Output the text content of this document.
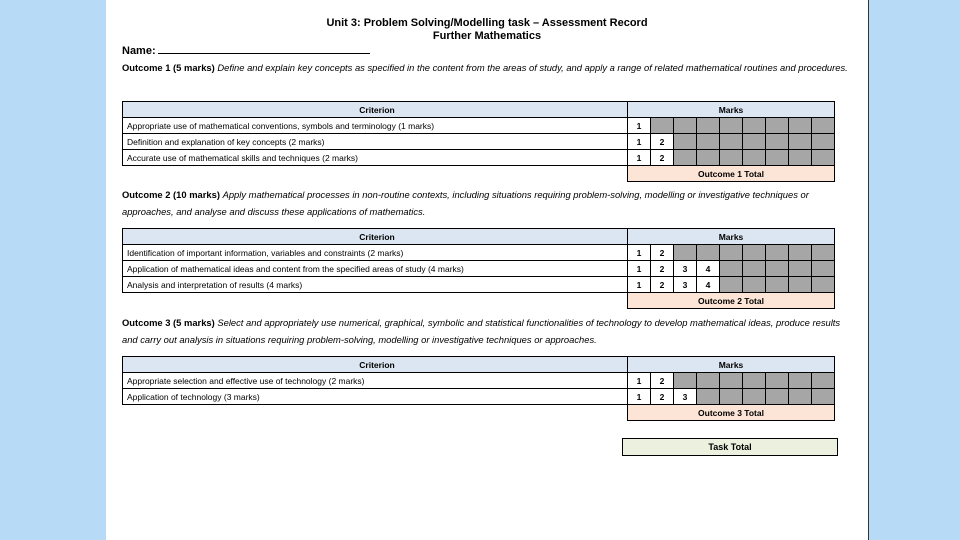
Unit 3: Problem Solving/Modelling task – Assessment Record
Further Mathematics
Name:
Outcome 1 (5 marks) Define and explain key concepts as specified in the content from the areas of study, and apply a range of related mathematical routines and procedures.
Criterion	Marks								
Appropriate use of mathematical conventions, symbols and terminology (1 marks)	1								
Definition and explanation of key concepts (2 marks)	1	2							
Accurate use of mathematical skills and techniques (2 marks)	1	2							
	Outcome 1 Total								
Outcome 2 (10 marks) Apply mathematical processes in non-routine contexts, including situations requiring problem-solving, modelling or investigative techniques or approaches, and analyse and discuss these applications of mathematics.
Criterion	Marks								
Identification of important information, variables and constraints (2 marks)	1	2							
Application of mathematical ideas and content from the specified areas of study (4 marks)	1	2	3	4					
Analysis and interpretation of results (4 marks)	1	2	3	4					
	Outcome 2 Total								
Outcome 3 (5 marks) Select and appropriately use numerical, graphical, symbolic and statistical functionalities of technology to develop mathematical ideas, produce results and carry out analysis in situations requiring problem-solving, modelling or investigative techniques or approaches.
Criterion	Marks								
Appropriate selection and effective use of technology (2 marks)	1	2							
Application of technology (3 marks)	1	2	3						
	Outcome 3 Total								
Task Total
